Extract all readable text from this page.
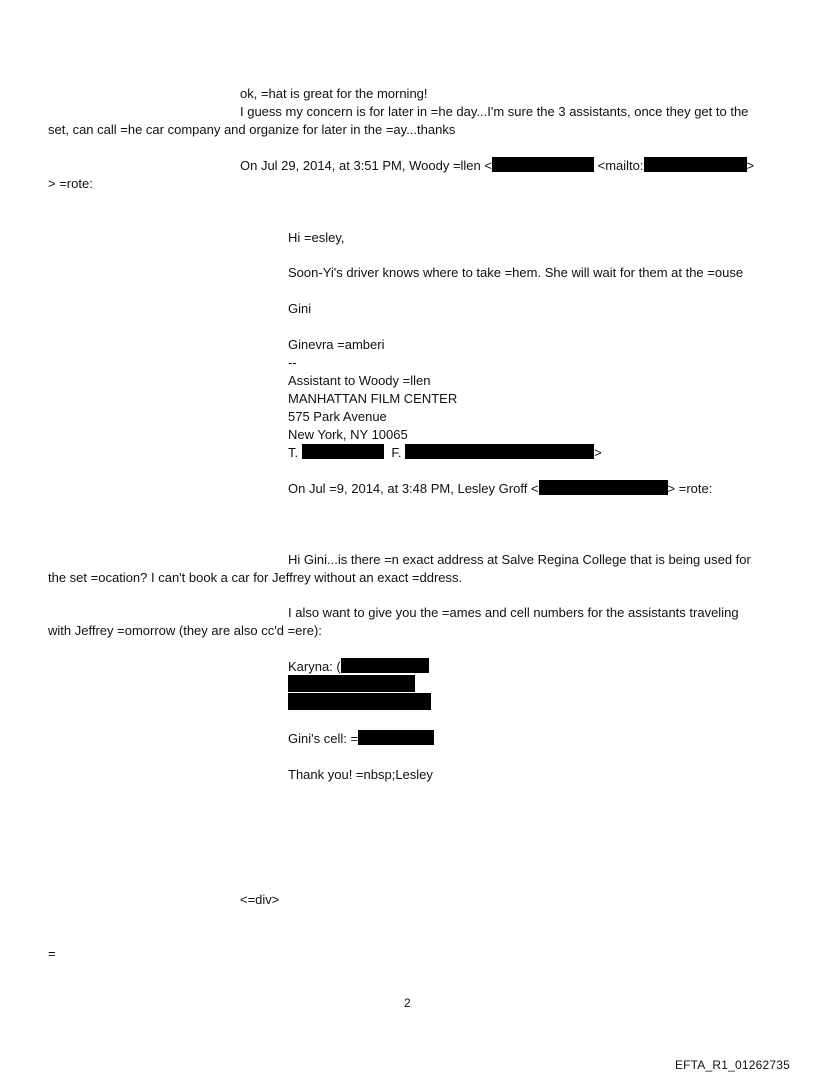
ok, =hat is great for the morning!
I guess my concern is for later in =he day...I'm sure the 3 assistants, once they get to the
set, can call =he car company and organize for later in the =ay...thanks
On Jul 29, 2014, at 3:51 PM, Woody =llen <	<mailto:	>
> =rote:
Hi =esley,
Soon-Yi's driver knows where to take =hem. She will wait for them at the =ouse
Gini
Ginevra =amberi
--
Assistant to Woody =llen
MANHATTAN FILM CENTER
575 Park Avenue
New York, NY 10065
T.	F.	>
On Jul =9, 2014, at 3:48 PM, Lesley Groff <	> =rote:
Hi Gini...is there =n exact address at Salve Regina College that is being used for
the set =ocation? I can't book a car for Jeffrey without an exact =ddress.
I also want to give you the =ames and cell numbers for the assistants traveling
with Jeffrey =omorrow (they are also cc'd =ere):
Karyna: (
Gini's cell: =
Thank you! =nbsp;Lesley
<=div>
=
2
EFTA_R1_01262735
